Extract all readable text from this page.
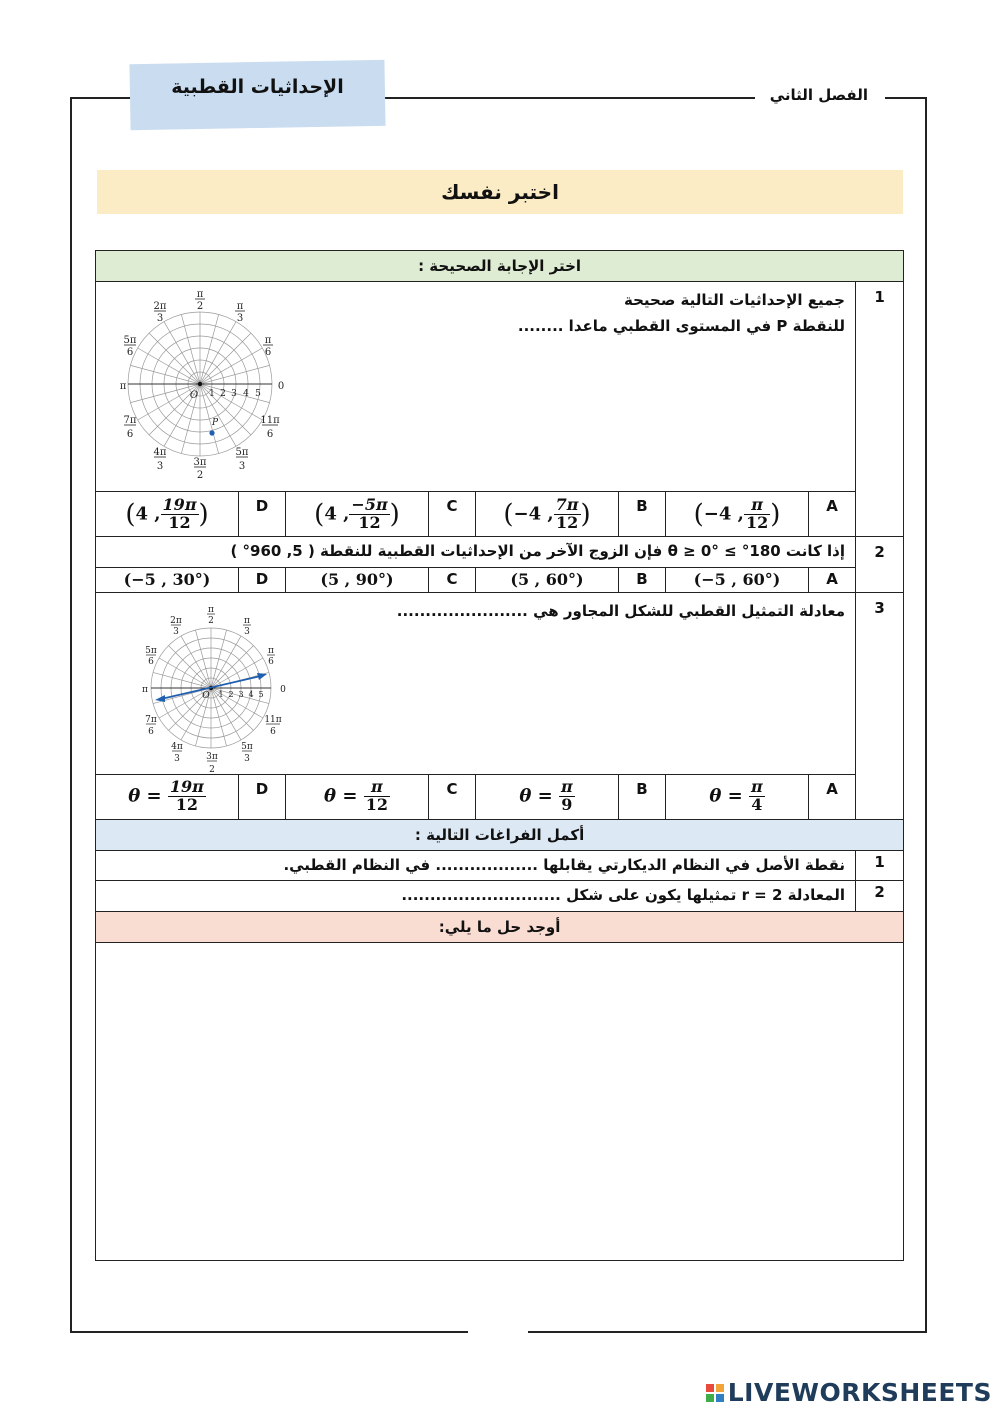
الفصل الثاني
الإحداثيات القطبية
اختبر نفسك
اختر الإجابة الصحيحة :								

جميع الإحداثيات التالية صحيحة
للنقطة P في المستوى القطبي ماعدا ........								1
(4 , $\frac{19\pi}{12}$ )	D	(4 , $\frac{-5\pi}{12}$ )	C	(−4 , $\frac{7\pi}{12}$ )	B	(−4 , $\frac{\pi}{12}$ )	A	
إذا كانت 180° ≥ θ ≥ 0° فإن الزوج الآخر من الإحداثيات القطبية للنقطة ( 5, 960° )								2
(−5 , 30°)	D	(5 , 90°)	C	(5 , 60°)	B	(−5 , 60°)	A	

معادلة التمثيل القطبي للشكل المجاور هي .......................								3
$\theta = \frac{19\pi}{12}$	D	$\theta = \frac{\pi}{12}$	C	$\theta = \frac{\pi}{9}$	B	$\theta = \frac{\pi}{4}$	A	
أكمل الفراغات التالية :								
نقطة الأصل في النظام الديكارتي يقابلها .................. في النظام القطبي.								1
المعادلة r = 2 تمثيلها يكون على شكل ............................								2
أوجد حل ما يلي:								

π
2	π
3
π
6
0
2π
3
5π
6
π
7π
6
4π
3	3π
2
5π
3
11π
6
O
P
1 2 3 4 5
π
2	π
3
π
6
0
2π
3
5π
6
π
7π
6
4π
3	3π
2
5π
3
11π
6
O 1 2 3 4 5
LIVEWORKSHEETS
